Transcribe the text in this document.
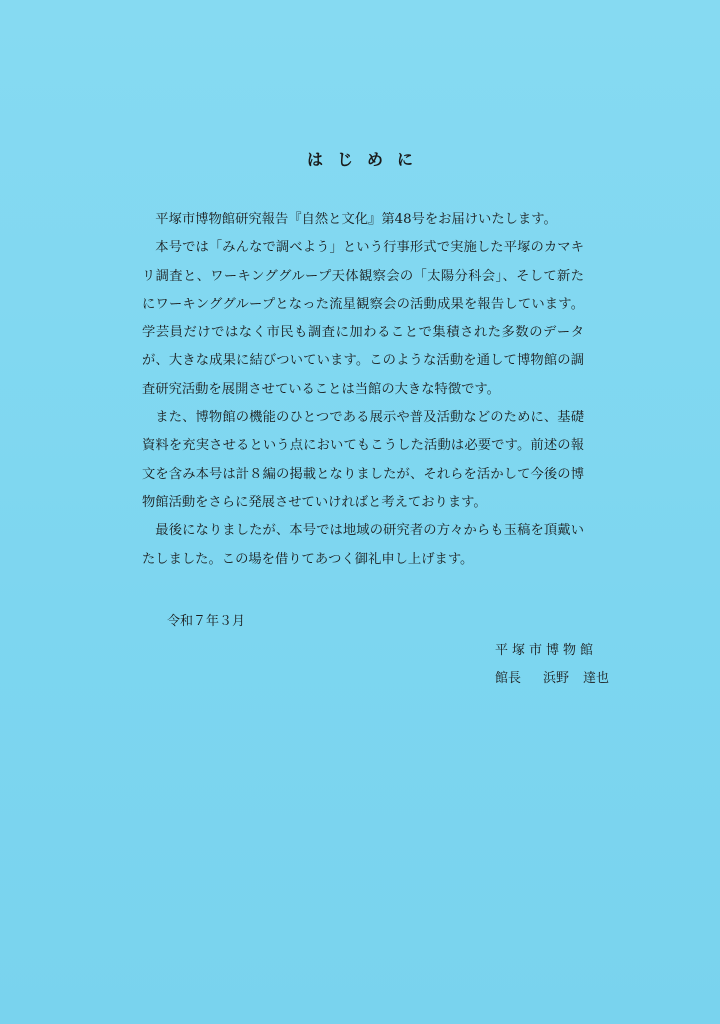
はじめに

平塚市博物館研究報告『自然と文化』第48号をお届けいたします。

本号では「みんなで調べよう」という行事形式で実施した平塚のカマキリ調査と、ワーキンググループ天体観察会の「太陽分科会」、そして新たにワーキンググループとなった流星観察会の活動成果を報告しています。学芸員だけではなく市民も調査に加わることで集積された多数のデータが、大きな成果に結びついています。このような活動を通して博物館の調査研究活動を展開させていることは当館の大きな特徴です。

また、博物館の機能のひとつである展示や普及活動などのために、基礎資料を充実させるという点においてもこうした活動は必要です。前述の報文を含み本号は計８編の掲載となりましたが、それらを活かして今後の博物館活動をさらに発展させていければと考えております。

最後になりましたが、本号では地域の研究者の方々からも玉稿を頂戴いたしました。この場を借りてあつく御礼申し上げます。

令和７年３月
平塚市博物館
館長 浜野 達也
